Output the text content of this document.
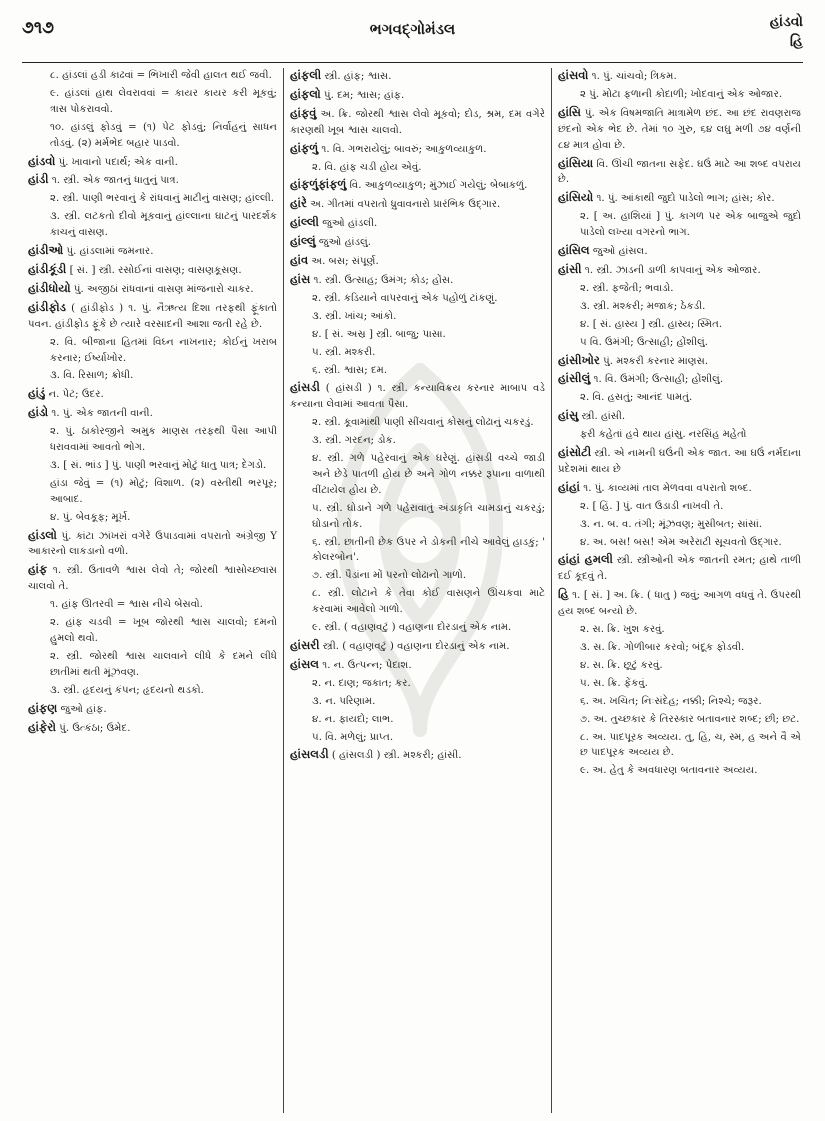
૭૧૭	ભગવદ્ગોમંડલ	હાંડવો
હિ
૮. હાંડલાં હડી કાઢવાં = ભિખારી જેવી હાલત થઈ જવી.
૯. હાંડલાં હાથ લેવરાવવાં = કાયર કાયર કરી મૂકવું; ત્રાસ પોકરાવવો.
૧૦. હાંડલું ફોડવું = (૧) પેટ ફોડવું; નિર્વાહનું સાધન તોડવું. (૨) મર્મભેદ બહાર પાડવો.
હાંડવો પું. ખાવાનો પદાર્થ; એક વાની.
હાંડી ૧. સ્ત્રી. એક જાતનું ધાતુનું પાત્ર.
૨. સ્ત્રી. પાણી ભરવાનું કે રાંધવાનું માટીનું વાસણ; હાંલ્લી.
૩. સ્ત્રી. લટકતો દીવો મૂકવાનું હાંલ્લાના ઘાટનું પારદર્શક કાચનું વાસણ.
હાંડીઓ પું. હાંડલામાં જમનાર.
હાંડીકૂંડી [ સં. ] સ્ત્રી. રસોઈનાં વાસણ; વાસણકૂસણ.
હાંડીધોયો પું. અજીઠાં રાંધવાનાં વાસણ માંજનારો ચાકર.
હાંડીફોડ ( હાંડીફોડ ) ૧. પું. નૈઋત્ય દિશા તરફથી ફૂંકાતો પવન. હાંડીફોડ ફૂંકે છે ત્યારે વરસાદની આશા જતી રહે છે.
૨. વિ. બીજાના હિતમાં વિઘ્ન નાખનાર; કોઈનું ખરાબ કરનાર; ઈર્ષ્યાખોર.
૩. વિ. રિસાળ; ક્રોધી.
હાંડું ન. પેટ; ઉદર.
હાંડો ૧. પું. એક જાતની વાની.
૨. પું. ઠાકોરજીને અમુક માણસ તરફથી પૈસા આપી ધરાવવામાં આવતો ભોગ.
૩. [ સં. ભાંડ ] પું. પાણી ભરવાનું મોટું ધાતુ પાત્ર; દેગડો.
હાંડા જેવું = (૧) મોટું; વિશાળ. (૨) વસ્તીથી ભરપૂર; આબાદ.
૪. પું. બેવકૂફ; મૂર્ખ.
હાંડલો પું. કાંટા ઝાંખરાં વગેરે ઉપાડવામાં વપરાતો અંગ્રેજી Y આકારનો લાકડાનો વળો.
હાંફ ૧. સ્ત્રી. ઉતાવળે શ્વાસ લેવો તે; જોરથી શ્વાસોચ્છ્વાસ ચાલવો તે.
૧. હાંફ ઊતરવી = શ્વાસ નીચે બેસવો.
૨. હાંફ ચડવી = ખૂબ જોરથી શ્વાસ ચાલવો; દમનો હુમલો થવો.
૨. સ્ત્રી. જોરથી શ્વાસ ચાલવાને લીધે કે દમને લીધે છાતીમાં થતી મૂંઝવણ.
૩. સ્ત્રી. હૃદયનું કંપન; હૃદયનો થડકો.
હાંફણ જુઓ હાંફ.
હાંફેરો પું. ઉત્કંઠા; ઉમેદ.
હાંફલી સ્ત્રી. હાંફ; શ્વાસ.
હાંફલો પું. દમ; શ્વાસ; હાંફ.
હાંફવું અ. ક્રિ. જોરથી શ્વાસ લેવો મૂકવો; દોડ, શ્રમ, દમ વગેરે કારણથી ખૂબ શ્વાસ ચાલવો.
હાંફળું ૧. વિ. ગભરાયેલું; બાવરું; આકુળવ્યાકુળ.
૨. વિ. હાંફ ચડી હોય એવું.
હાંફળુંફાંફળું વિ. આકુળવ્યાકુળ; મુંઝાઈ ગયેલું; બેબાકળું.
હાંરે અ. ગીતમાં વપરાતો ધ્રુવાવનારો પ્રારંભિક ઉદ્ગાર.
હાંલ્લી જુઓ હાંડલી.
હાંલ્લું જુઓ હાંડલું.
હાંવ અ. બસ; સંપૂર્ણ.
હાંસ ૧. સ્ત્રી. ઉત્સાહ; ઉમંગ; કોડ; હોંસ.
૨. સ્ત્રી. કડિયાને વાપરવાનું એક પહોળું ટાંકણું.
૩. સ્ત્રી. ખાંચ; આંકો.
૪. [ સં. અસ્ર ] સ્ત્રી. બાજુ; પાસા.
૫. સ્ત્રી. મશ્કરી.
૬. સ્ત્રી. શ્વાસ; દમ.
હાંસડી ( હાંસડી ) ૧. સ્ત્રી. કન્યાવિક્રય કરનાર માબાપ વડે કન્યાના લેવામાં આવતા પૈસા.
૨. સ્ત્રી. કૂવામાંથી પાણી સીંચવાનું કોસનું લોઢાનું ચકરડું.
૩. સ્ત્રી. ગરદન; ડોક.
૪. સ્ત્રી. ગળે પહેરવાનું એક ઘરેણું. હાંસડી વચ્ચે જાડી અને છેડે પાતળી હોય છે અને ગોળ નક્કર રૂપાના વાળાથી વીંટાયેલ હોય છે.
૫. સ્ત્રી. ઘોડાને ગળે પહેરાવાતું અંડાકૃતિ ચામડાનું ચકરડું; ઘોડાનો તોક.
૬. સ્ત્રી. છાતીની છેક ઉપર ને ડોકની નીચે આવેલું હાડકું; ' કોલરબોન'.
૭. સ્ત્રી. પૈડાંના મોં પરનો લોઢાનો ગાળો.
૮. સ્ત્રી. લોટાને કે તેવા કોઈ વાસણને ઊંચકવા માટે કરવામાં આવેલો ગાળો.
૯. સ્ત્રી. ( વહાણવટું ) વહાણના દોરડાનું એક નામ.
હાંસરી સ્ત્રી. ( વહાણવટું ) વહાણના દોરડાનું એક નામ.
હાંસલ ૧. ન. ઉત્પન્ન; પેદાશ.
૨. ન. દાણ; જકાત; કર.
૩. ન. પરિણામ.
૪. ન. ફાયદો; લાભ.
૫. વિ. મળેલું; પ્રાપ્ત.
હાંસલડી ( હાંસલડી ) સ્ત્રી. મશ્કરી; હાંસી.
હાંસવો ૧. પું. ચાંચવો; ત્રિકમ.
૨ પું. મોટા ફળાની કોદાળી; ખોદવાનું એક ઓજાર.
હાંસિ પું. એક વિષમજાતિ માત્રામેળ છંદ. આ છંદ રાવણરાજ છંદનો એક ભેદ છે. તેમાં ૧૦ ગુરુ, ૬૪ લઘુ મળી ૭૪ વર્ણની ૮૪ માત્ર હોવા છે.
હાંસિયા વિ. ઊંચી જાતના સફેદ. ઘઉં માટે આ શબ્દ વપરાય છે.
હાંસિયો ૧. પું. આંકાથી જુદો પાડેલો ભાગ; હાંસ; કોર.
૨. [ અ. હાશિયાં ] પું. કાગળ પર એક બાજુએ જુદો પાડેલો લખ્યા વગરનો ભાગ.
હાંસિલ જુઓ હાંસલ.
હાંસી ૧. સ્ત્રી. ઝાડની ડાળી કાપવાનું એક ઓજાર.
૨. સ્ત્રી. ફજેતી; ભવાડો.
૩. સ્ત્રી. મશ્કરી; મજાક; ઠેકડી.
૪. [ સં. હાસ્ય ] સ્ત્રી. હાસ્ય; સ્મિત.
૫ વિ. ઉમંગી; ઉત્સાહી; હોંશીલું.
હાંસીખોર પું. મશ્કરી કરનાર માણસ.
હાંસીલું ૧. વિ. ઉમંગી; ઉત્સાહી; હોંશીલું.
૨. વિ. હસતું; આનંદ પામતું.
હાંસુ સ્ત્રી. હાંસી.
ફરી કહેતાં હવે થાય હાંસુ. નરસિંહ મહેતો
હાંસોટી સ્ત્રી. એ નામની ઘઉંની એક જાત. આ ઘઉં નર્મદાના પ્રદેશમાં થાય છે
હાંહાં ૧. પું. કાવ્યમાં તાલ મેળવવા વપરાતો શબ્દ.
૨. [ હિં. ] પું. વાત ઉડાડી નાખવી તે.
૩. ન. બ. વ. તંગી; મૂંઝવણ; મુસીબત; સાંસાં.
૪. અ. બસ! બસ! એમ અરેરાટી સૂચવતો ઉદ્ગાર.
હાંહાં હમલી સ્ત્રી. સ્ત્રીઓની એક જાતની રમત; હાથે તાળી દઈ કૂદવું તે.
હિ ૧. [ સં. ] અ. ક્રિ. ( ધાતુ ) જવું; આગળ વધવું તે. ઉપરથી હય શબ્દ બન્યો છે.
૨. સ. ક્રિ. ખુશ કરવું.
૩. સ. ક્રિ. ગોળીબાર કરવો; બંદૂક ફોડવી.
૪. સ. ક્રિ. છૂટું કરવું.
૫. સ. ક્રિ. ફેંકવું.
૬. અ. ખચિત; નિઃસંદેહ; નક્કી; નિશ્ચે; જરૂર.
૭. અ. તુચ્છકાર કે તિરસ્કાર બતાવનાર શબ્દ; છી; છટ.
૮. અ. પાદપૂરક અવ્યય. તુ, હિ, ચ, સ્મ, હ અને વૈ એ છ પાદપૂરક અવ્યય છે.
૯. અ. હેતુ કે અવધારણ બતાવનાર અવ્યય.
